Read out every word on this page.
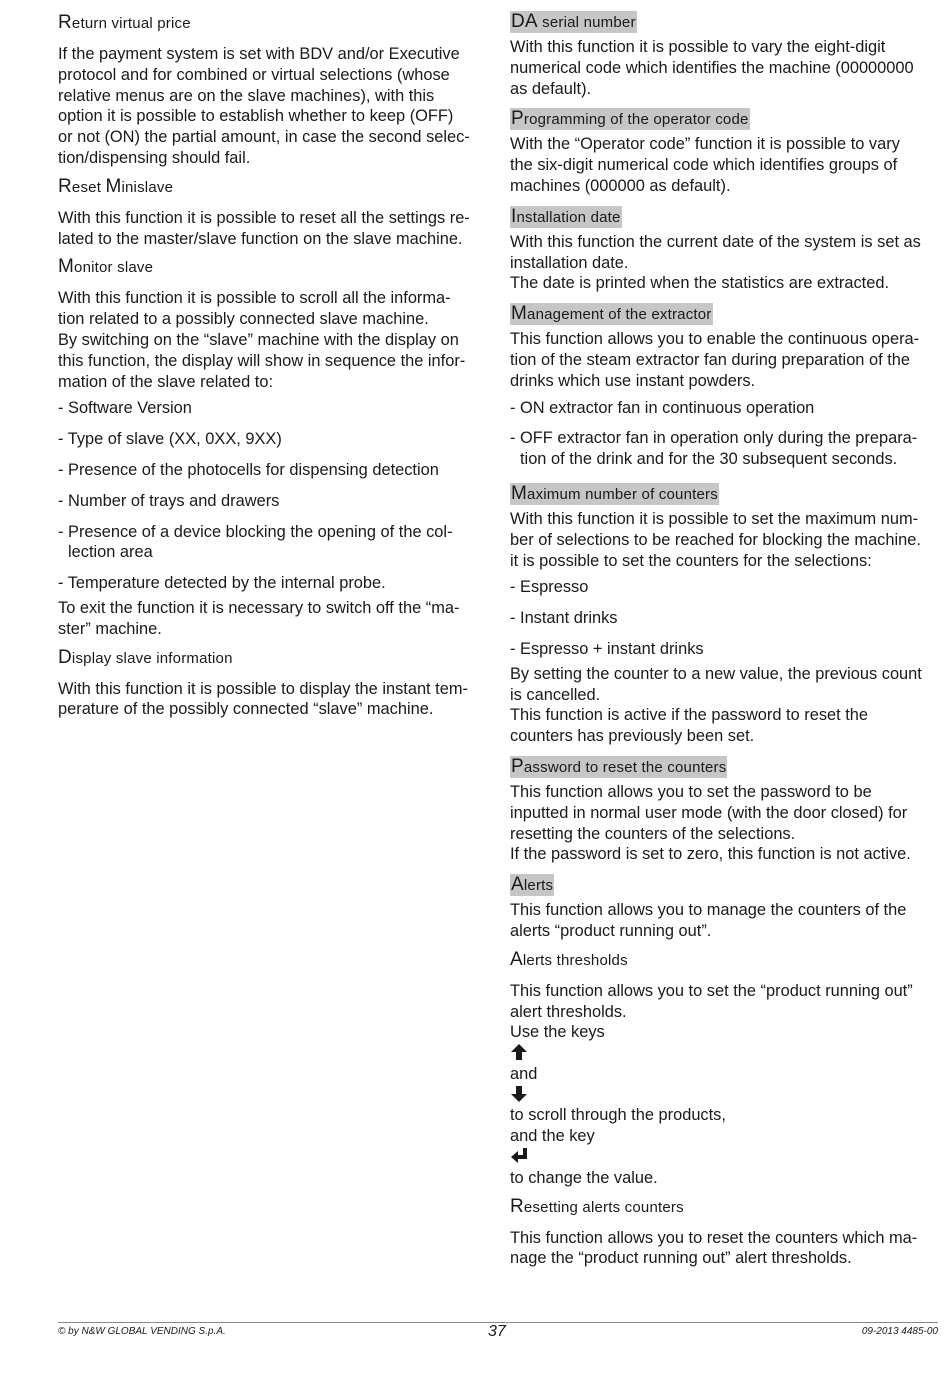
Return virtual price

If the payment system is set with BDV and/or Executive
protocol and for combined or virtual selections (whose
relative menus are on the slave machines), with this
option it is possible to establish whether to keep (OFF)
or not (ON) the partial amount, in case the second selec-
tion/dispensing should fail.

Reset Minislave

With this function it is possible to reset all the settings re-
lated to the master/slave function on the slave machine.

Monitor slave

With this function it is possible to scroll all the informa-
tion related to a possibly connected slave machine.
By switching on the “slave” machine with the display on
this function, the display will show in sequence the infor-
mation of the slave related to:

- Software Version
- Type of slave (XX, 0XX, 9XX)
- Presence of the photocells for dispensing detection
- Number of trays and drawers
- Presence of a device blocking the opening of the col-
lection area
- Temperature detected by the internal probe.

To exit the function it is necessary to switch off the “ma-
ster” machine.

Display slave information

With this function it is possible to display the instant tem-
perature of the possibly connected “slave” machine.

DA serial number

With this function it is possible to vary the eight-digit
numerical code which identifies the machine (00000000
as default).

Programming of the operator code

With the “Operator code” function it is possible to vary
the six-digit numerical code which identifies groups of
machines (000000 as default).

Installation date

With this function the current date of the system is set as
installation date.
The date is printed when the statistics are extracted.

Management of the extractor

This function allows you to enable the continuous opera-
tion of the steam extractor fan during preparation of the
drinks which use instant powders.

- ON extractor fan in continuous operation
- OFF extractor fan in operation only during the prepara-
tion of the drink and for the 30 subsequent seconds.
Maximum number of counters

With this function it is possible to set the maximum num-
ber of selections to be reached for blocking the machine.
it is possible to set the counters for the selections:

- Espresso
- Instant drinks
- Espresso + instant drinks

By setting the counter to a new value, the previous count
is cancelled.
This function is active if the password to reset the
counters has previously been set.

Password to reset the counters

This function allows you to set the password to be
inputted in normal user mode (with the door closed) for
resetting the counters of the selections.
If the password is set to zero, this function is not active.

Alerts

This function allows you to manage the counters of the
alerts “product running out”.

Alerts thresholds

This function allows you to set the “product running out”
alert thresholds.
Use the keys
and
to scroll through the products,
and the key
to change the value.

Resetting alerts counters

This function allows you to reset the counters which ma-
nage the “product running out” alert thresholds.

© by N&W GLOBAL VENDING S.p.A.	37	09-2013 4485-00
